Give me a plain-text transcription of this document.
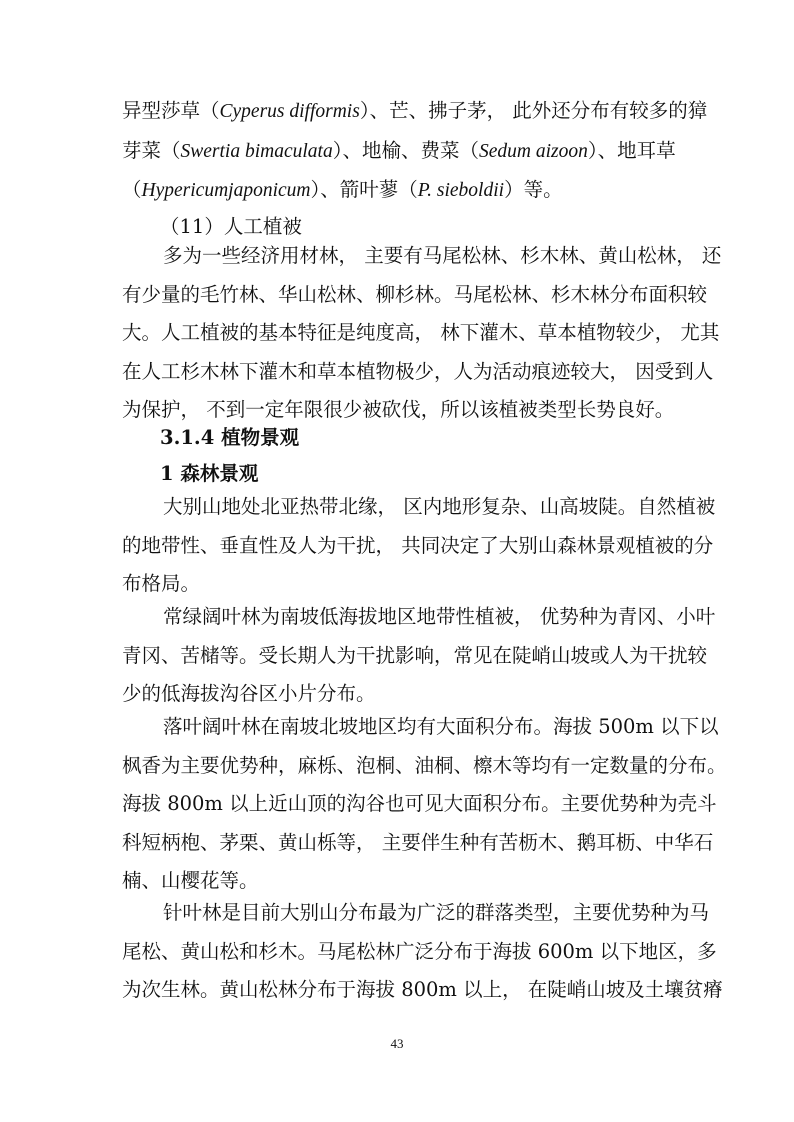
异型莎草（Cyperus difformis）、芒、拂子茅， 此外还分布有较多的獐
芽菜（Swertia bimaculata）、地榆、费菜（Sedum aizoon）、地耳草
（Hypericumjaponicum）、箭叶蓼（P. sieboldii）等。
（11）人工植被
多为一些经济用材林， 主要有马尾松林、杉木林、黄山松林， 还
有少量的毛竹林、华山松林、柳杉林。马尾松林、杉木林分布面积较
大。人工植被的基本特征是纯度高， 林下灌木、草本植物较少， 尤其
在人工杉木林下灌木和草本植物极少，人为活动痕迹较大， 因受到人
为保护， 不到一定年限很少被砍伐，所以该植被类型长势良好。
3.1.4 植物景观
1 森林景观
大别山地处北亚热带北缘， 区内地形复杂、山高坡陡。自然植被
的地带性、垂直性及人为干扰， 共同决定了大别山森林景观植被的分
布格局。
常绿阔叶林为南坡低海拔地区地带性植被， 优势种为青冈、小叶
青冈、苦槠等。受长期人为干扰影响，常见在陡峭山坡或人为干扰较
少的低海拔沟谷区小片分布。
落叶阔叶林在南坡北坡地区均有大面积分布。海拔 500m 以下以
枫香为主要优势种，麻栎、泡桐、油桐、檫木等均有一定数量的分布。
海拔 800m 以上近山顶的沟谷也可见大面积分布。主要优势种为壳斗
科短柄枹、茅栗、黄山栎等， 主要伴生种有苦枥木、鹅耳枥、中华石
楠、山樱花等。
针叶林是目前大别山分布最为广泛的群落类型，主要优势种为马
尾松、黄山松和杉木。马尾松林广泛分布于海拔 600m 以下地区，多
为次生林。黄山松林分布于海拔 800m 以上， 在陡峭山坡及土壤贫瘠
43
